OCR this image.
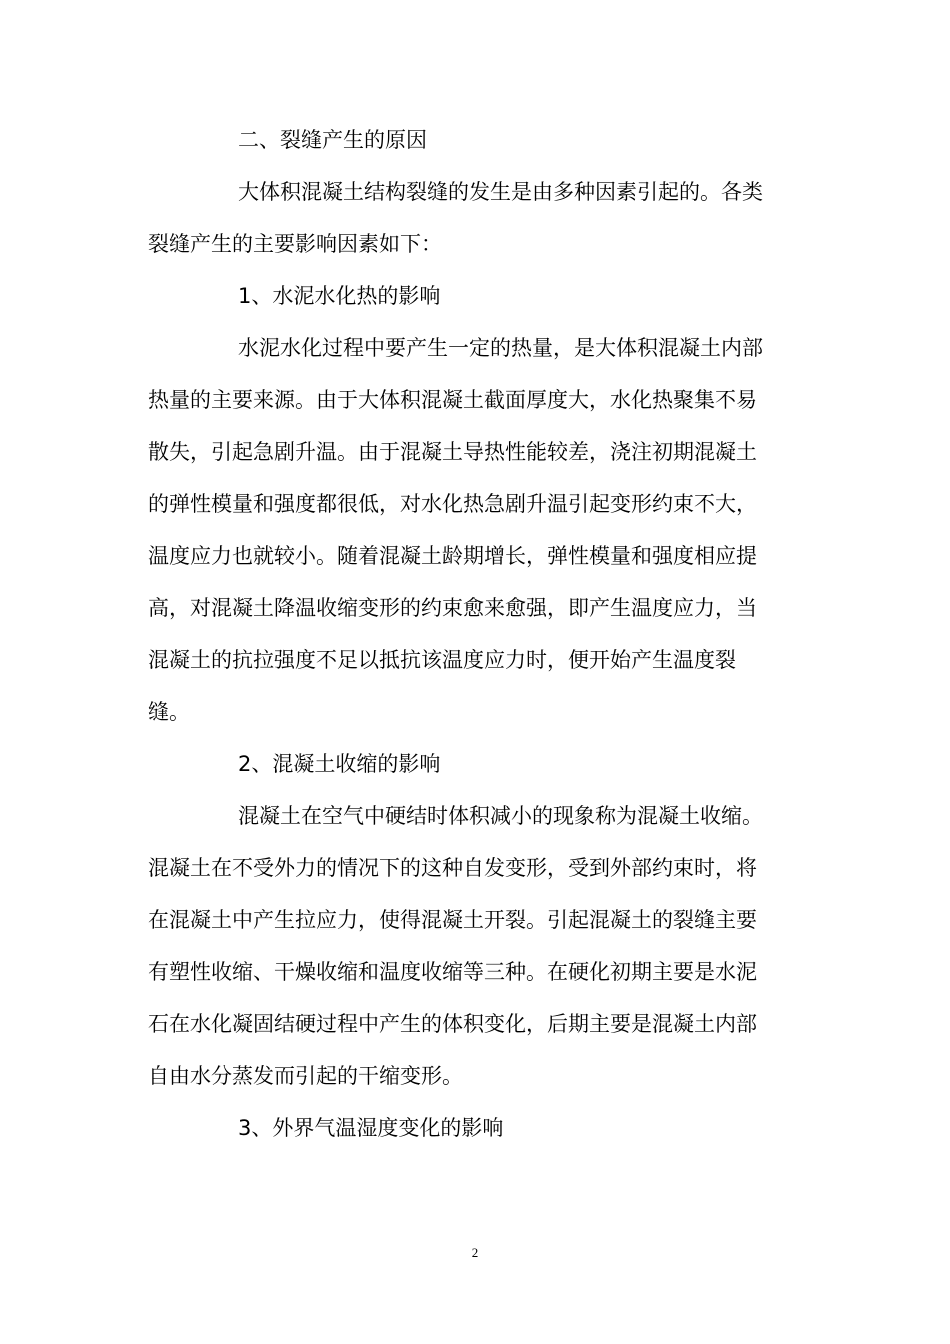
二、裂缝产生的原因
大体积混凝土结构裂缝的发生是由多种因素引起的。各类
裂缝产生的主要影响因素如下：
1、水泥水化热的影响
水泥水化过程中要产生一定的热量，是大体积混凝土内部
热量的主要来源。由于大体积混凝土截面厚度大，水化热聚集不易
散失，引起急剧升温。由于混凝土导热性能较差，浇注初期混凝土
的弹性模量和强度都很低，对水化热急剧升温引起变形约束不大，
温度应力也就较小。随着混凝土龄期增长，弹性模量和强度相应提
高，对混凝土降温收缩变形的约束愈来愈强，即产生温度应力，当
混凝土的抗拉强度不足以抵抗该温度应力时，便开始产生温度裂
缝。
2、混凝土收缩的影响
混凝土在空气中硬结时体积减小的现象称为混凝土收缩。
混凝土在不受外力的情况下的这种自发变形，受到外部约束时，将
在混凝土中产生拉应力，使得混凝土开裂。引起混凝土的裂缝主要
有塑性收缩、干燥收缩和温度收缩等三种。在硬化初期主要是水泥
石在水化凝固结硬过程中产生的体积变化，后期主要是混凝土内部
自由水分蒸发而引起的干缩变形。
3、外界气温湿度变化的影响
2
